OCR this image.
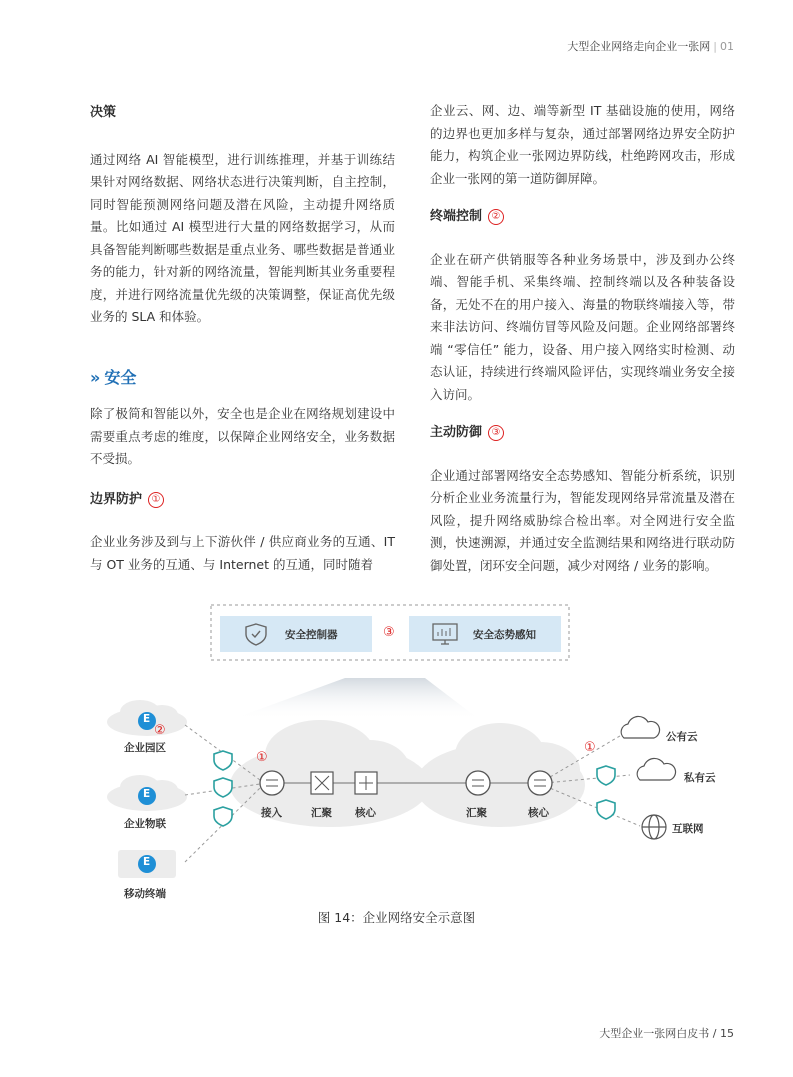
大型企业网络走向企业一张网 | 01
决策

通过网络 AI 智能模型，进行训练推理，并基于训练结果针对网络数据、网络状态进行决策判断，自主控制，同时智能预测网络问题及潜在风险，主动提升网络质量。比如通过 AI 模型进行大量的网络数据学习，从而具备智能判断哪些数据是重点业务、哪些数据是普通业务的能力，针对新的网络流量，智能判断其业务重要程度，并进行网络流量优先级的决策调整，保证高优先级业务的 SLA 和体验。

» 安全

除了极简和智能以外，安全也是企业在网络规划建设中需要重点考虑的维度，以保障企业网络安全，业务数据不受损。

边界防护 ①

企业业务涉及到与上下游伙伴 / 供应商业务的互通、IT 与 OT 业务的互通、与 Internet 的互通，同时随着

企业云、网、边、端等新型 IT 基础设施的使用，网络的边界也更加多样与复杂，通过部署网络边界安全防护能力，构筑企业一张网边界防线，杜绝跨网攻击，形成企业一张网的第一道防御屏障。

终端控制 ②

企业在研产供销服等各种业务场景中，涉及到办公终端、智能手机、采集终端、控制终端以及各种装备设备，无处不在的用户接入、海量的物联终端接入等，带来非法访问、终端仿冒等风险及问题。企业网络部署终端 “零信任” 能力，设备、用户接入网络实时检测、动态认证，持续进行终端风险评估，实现终端业务安全接入访问。

主动防御 ③

企业通过部署网络安全态势感知、智能分析系统，识别分析企业业务流量行为，智能发现网络异常流量及潜在风险，提升网络威胁综合检出率。对全网进行安全监测，快速溯源，并通过安全监测结果和网络进行联动防御处置，闭环安全问题，减少对网络 / 业务的影响。

安全控制器	安全态势感知
③
E
E
E
②
①
①
企业园区
企业物联
移动终端
接入	汇聚 核心	汇聚	核心
公有云
私有云
互联网
图 14：企业网络安全示意图
大型企业一张网白皮书 / 15
